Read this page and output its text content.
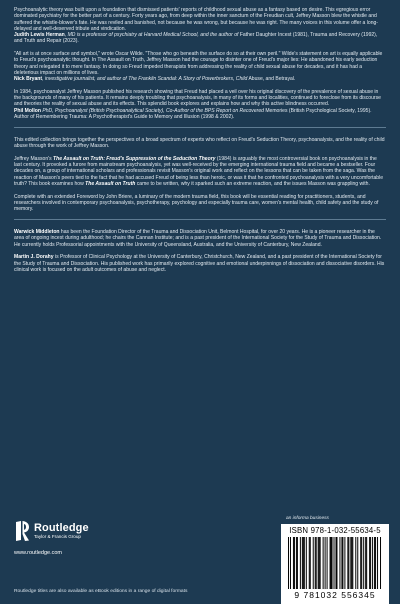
Psychoanalytic theory was built upon a foundation that dismissed patients' reports of childhood sexual abuse as a fantasy based on desire. This egregious error dominated psychiatry for the better part of a century. Forty years ago, from deep within the inner sanctum of the Freudian cult, Jeffrey Masson blew the whistle and suffered the whistle-blower's fate. He was reviled and banished, not because he was wrong, but because he was right. The many voices in this volume offer a long-delayed and well-deserved tribute and vindication.

Judith Lewis Herman, MD is a professor of psychiatry at Harvard Medical School, and the author of Father Daughter Incest (1981), Trauma and Recovery (1992), and Truth and Repair (2023).

"All art is at once surface and symbol," wrote Oscar Wilde. "Those who go beneath the surface do so at their own peril." Wilde's statement on art is equally applicable to Freud's psychoanalytic thought. In The Assault on Truth, Jeffrey Masson had the courage to disinter one of Freud's major lies: He abandoned his early seduction theory and relegated it to mere fantasy. In doing so Freud impeded therapists from addressing the reality of child sexual abuse for decades, and it has had a deleterious impact on millions of lives.

Nick Bryant, investigative journalist, and author of The Franklin Scandal: A Story of Powerbrokers, Child Abuse, and Betrayal.

In 1984, psychoanalyst Jeffrey Masson published his research showing that Freud had placed a veil over his original discovery of the prevalence of sexual abuse in the backgrounds of many of his patients. It remains deeply troubling that psychoanalysis, in many of its forms and localities, continued to foreclose from its discourse and theories the reality of sexual abuse and its effects. This splendid book explores and explains how and why this active blindness occurred.

Phil Mollon PhD, Psychoanalyst (British Psychoanalytical Society), Co-Author of the BPS Report on Recovered Memories (British Psychological Society, 1995). Author of Remembering Trauma: A Psychotherapist's Guide to Memory and Illusion (1998 & 2002).

This edited collection brings together the perspectives of a broad spectrum of experts who reflect on Freud's Seduction Theory, psychoanalysis, and the reality of child abuse through the work of Jeffrey Masson.

Jeffrey Masson's The Assault on Truth: Freud's Suppression of the Seduction Theory (1984) is arguably the most controversial book on psychoanalysis in the last century. It provoked a furore from mainstream psychoanalysis, yet was well-received by the emerging international trauma field and became a bestseller. Four decades on, a group of international scholars and professionals revisit Masson's original work and reflect on the lessons that can be taken from the saga. Was the reaction of Masson's peers tied to the fact that he had accused Freud of being less than heroic, or was it that he confronted psychoanalysis with a very uncomfortable truth? This book examines how The Assault on Truth came to be written, why it sparked such an extreme reaction, and the issues Masson was grappling with.

Complete with an extended Foreword by John Briere, a luminary of the modern trauma field, this book will be essential reading for practitioners, students, and researchers involved in contemporary psychoanalysis, psychotherapy, psychology and especially trauma care, women's mental health, child safety and the study of memory.

Warwick Middleton has been the Foundation Director of the Trauma and Dissociation Unit, Belmont Hospital, for over 20 years. He is a pioneer researcher in the area of ongoing incest during adulthood; he chairs the Cannan Institute; and is a past president of the International Society for the Study of Trauma and Dissociation. He currently holds Professorial appointments with the University of Queensland, Australia, and the University of Canterbury, New Zealand.

Martin J. Dorahy is Professor of Clinical Psychology at the University of Canterbury, Christchurch, New Zealand, and a past president of the International Society for the Study of Trauma and Dissociation. His published work has primarily explored cognitive and emotional underpinnings of dissociation and dissociative disorders. His clinical work is focused on the adult outcomes of abuse and neglect.

Routledge
Taylor & Francis Group
www.routledge.com
Routledge titles are also available as eBook editions in a range of digital formats
an informa business
ISBN 978-1-032-55634-5
9 781032 556345
